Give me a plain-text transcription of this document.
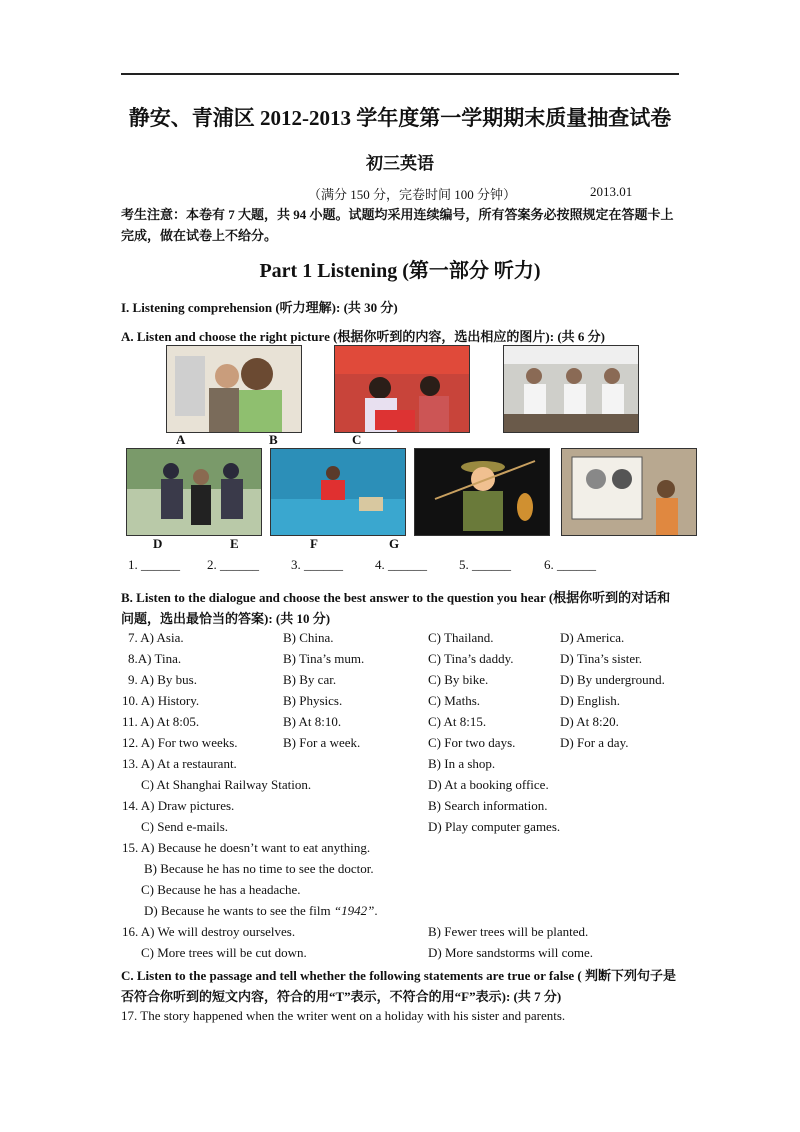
静安、青浦区 2012-2013 学年度第一学期期末质量抽查试卷
初三英语
（满分 150 分，完卷时间 100 分钟）	2013.01
考生注意：本卷有 7 大题，共 94 小题。试题均采用连续编号，所有答案务必按照规定在答题卡上完成，做在试卷上不给分。
Part 1 Listening (第一部分 听力)
I. Listening comprehension (听力理解): (共 30 分)
A. Listen and choose the right picture (根据你听到的内容，选出相应的图片): (共 6 分)
A	B	C
D	E	F	G
1. ______ 2. ______ 3. ______ 4. ______ 5. ______	6. ______
B. Listen to the dialogue and choose the best answer to the question you hear (根据你听到的对话和问题，选出最恰当的答案): (共 10 分)
7. A) Asia.	B) China.	C) Thailand.	D) America.
8.A) Tina.	B) Tina’s mum.	C) Tina’s daddy.	D) Tina’s sister.
9. A) By bus.	B) By car.	C) By bike.	D) By underground.
10. A) History.	B) Physics.	C) Maths.	D) English.
11. A) At 8:05.	B) At 8:10.	C) At 8:15.	D) At 8:20.
12. A) For two weeks.	B) For a week.	C) For two days.	D) For a day.
13. A) At a restaurant.	B) In a shop.
C) At Shanghai Railway Station.	D) At a booking office.
14. A) Draw pictures.	B) Search information.
C) Send e-mails.	D) Play computer games.
15. A) Because he doesn’t want to eat anything.
B) Because he has no time to see the doctor.
C) Because he has a headache.
D) Because he wants to see the film “1942”.
16. A) We will destroy ourselves.	B) Fewer trees will be planted.
C) More trees will be cut down.	D) More sandstorms will come.
C. Listen to the passage and tell whether the following statements are true or false ( 判断下列句子是否符合你听到的短文内容，符合的用“T”表示，不符合的用“F”表示): (共 7 分)
17. The story happened when the writer went on a holiday with his sister and parents.
